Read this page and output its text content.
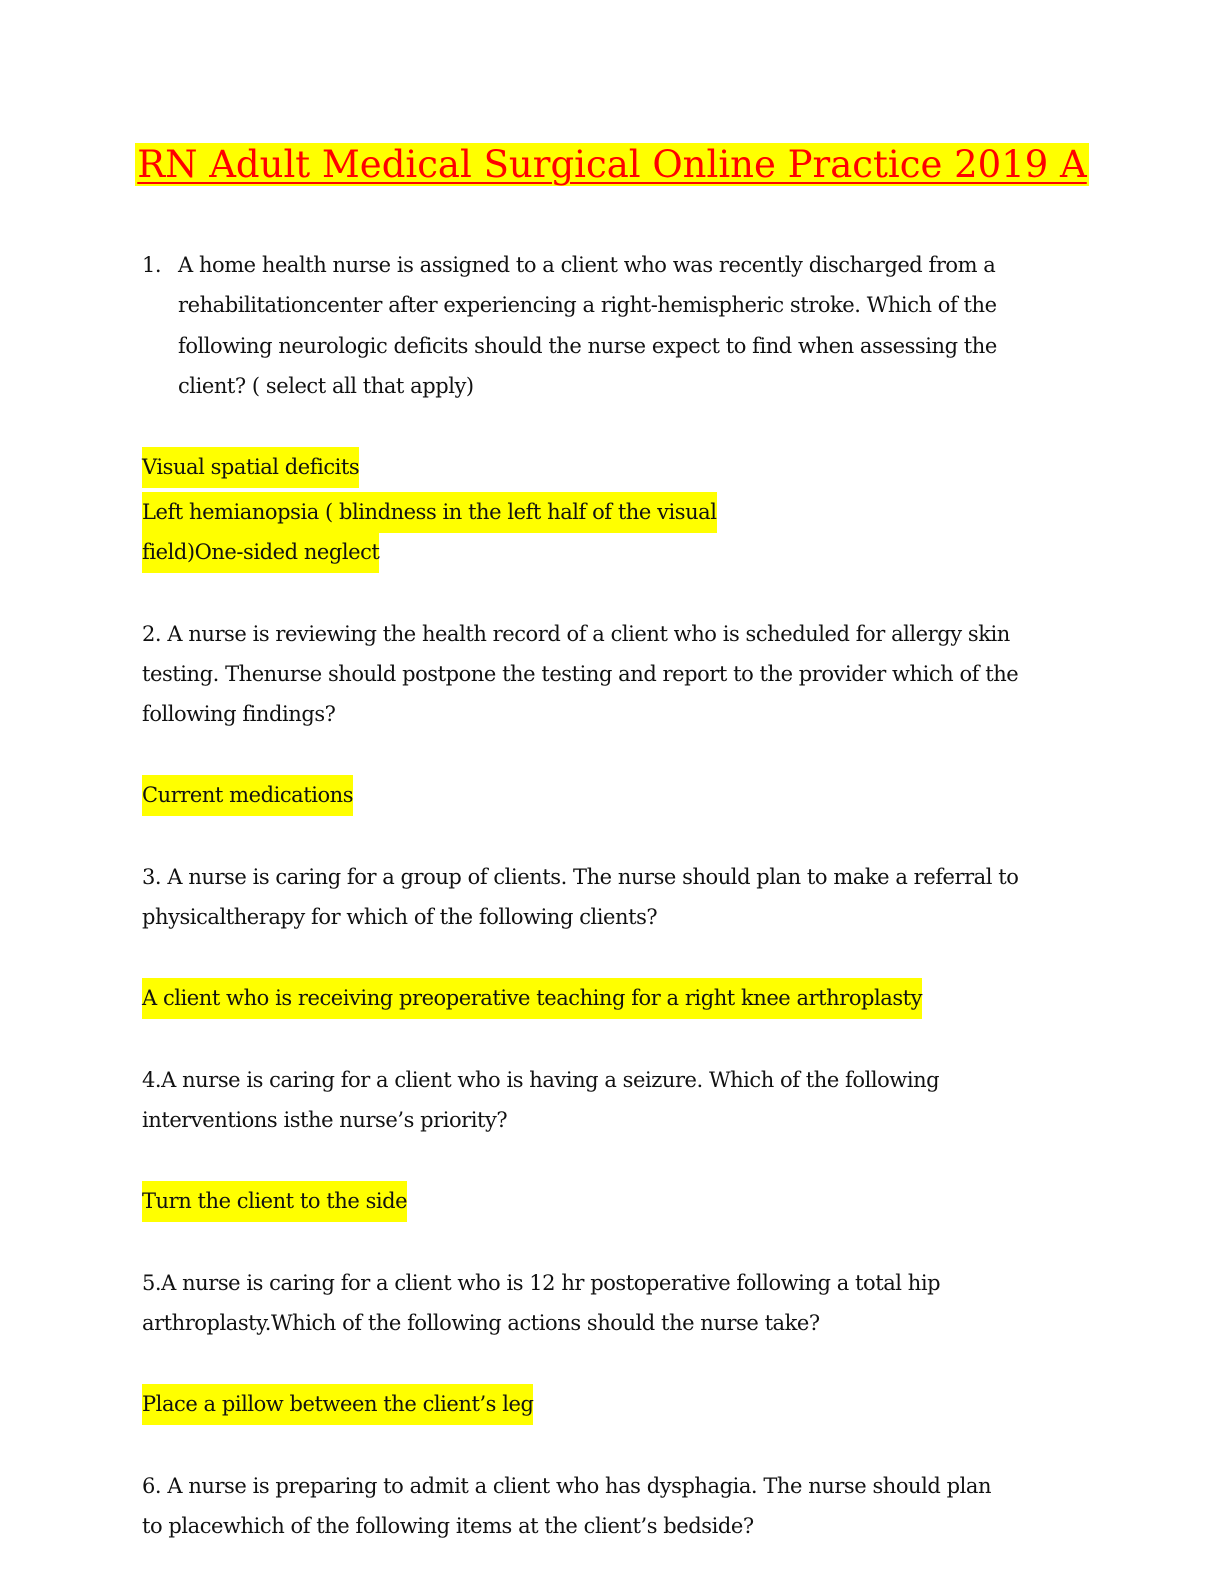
RN Adult Medical Surgical Online Practice 2019 A
1. A home health nurse is assigned to a client who was recently discharged from a
rehabilitationcenter after experiencing a right-hemispheric stroke. Which of the
following neurologic deficits should the nurse expect to find when assessing the
client? ( select all that apply)
Visual spatial deficits
Left hemianopsia ( blindness in the left half of the visual
field)One-sided neglect
2. A nurse is reviewing the health record of a client who is scheduled for allergy skin
testing. Thenurse should postpone the testing and report to the provider which of the
following findings?
Current medications
3. A nurse is caring for a group of clients. The nurse should plan to make a referral to
physicaltherapy for which of the following clients?
A client who is receiving preoperative teaching for a right knee arthroplasty
4.A nurse is caring for a client who is having a seizure. Which of the following
interventions isthe nurse’s priority?
Turn the client to the side
5.A nurse is caring for a client who is 12 hr postoperative following a total hip
arthroplasty.Which of the following actions should the nurse take?
Place a pillow between the client’s leg
6. A nurse is preparing to admit a client who has dysphagia. The nurse should plan
to placewhich of the following items at the client’s bedside?
